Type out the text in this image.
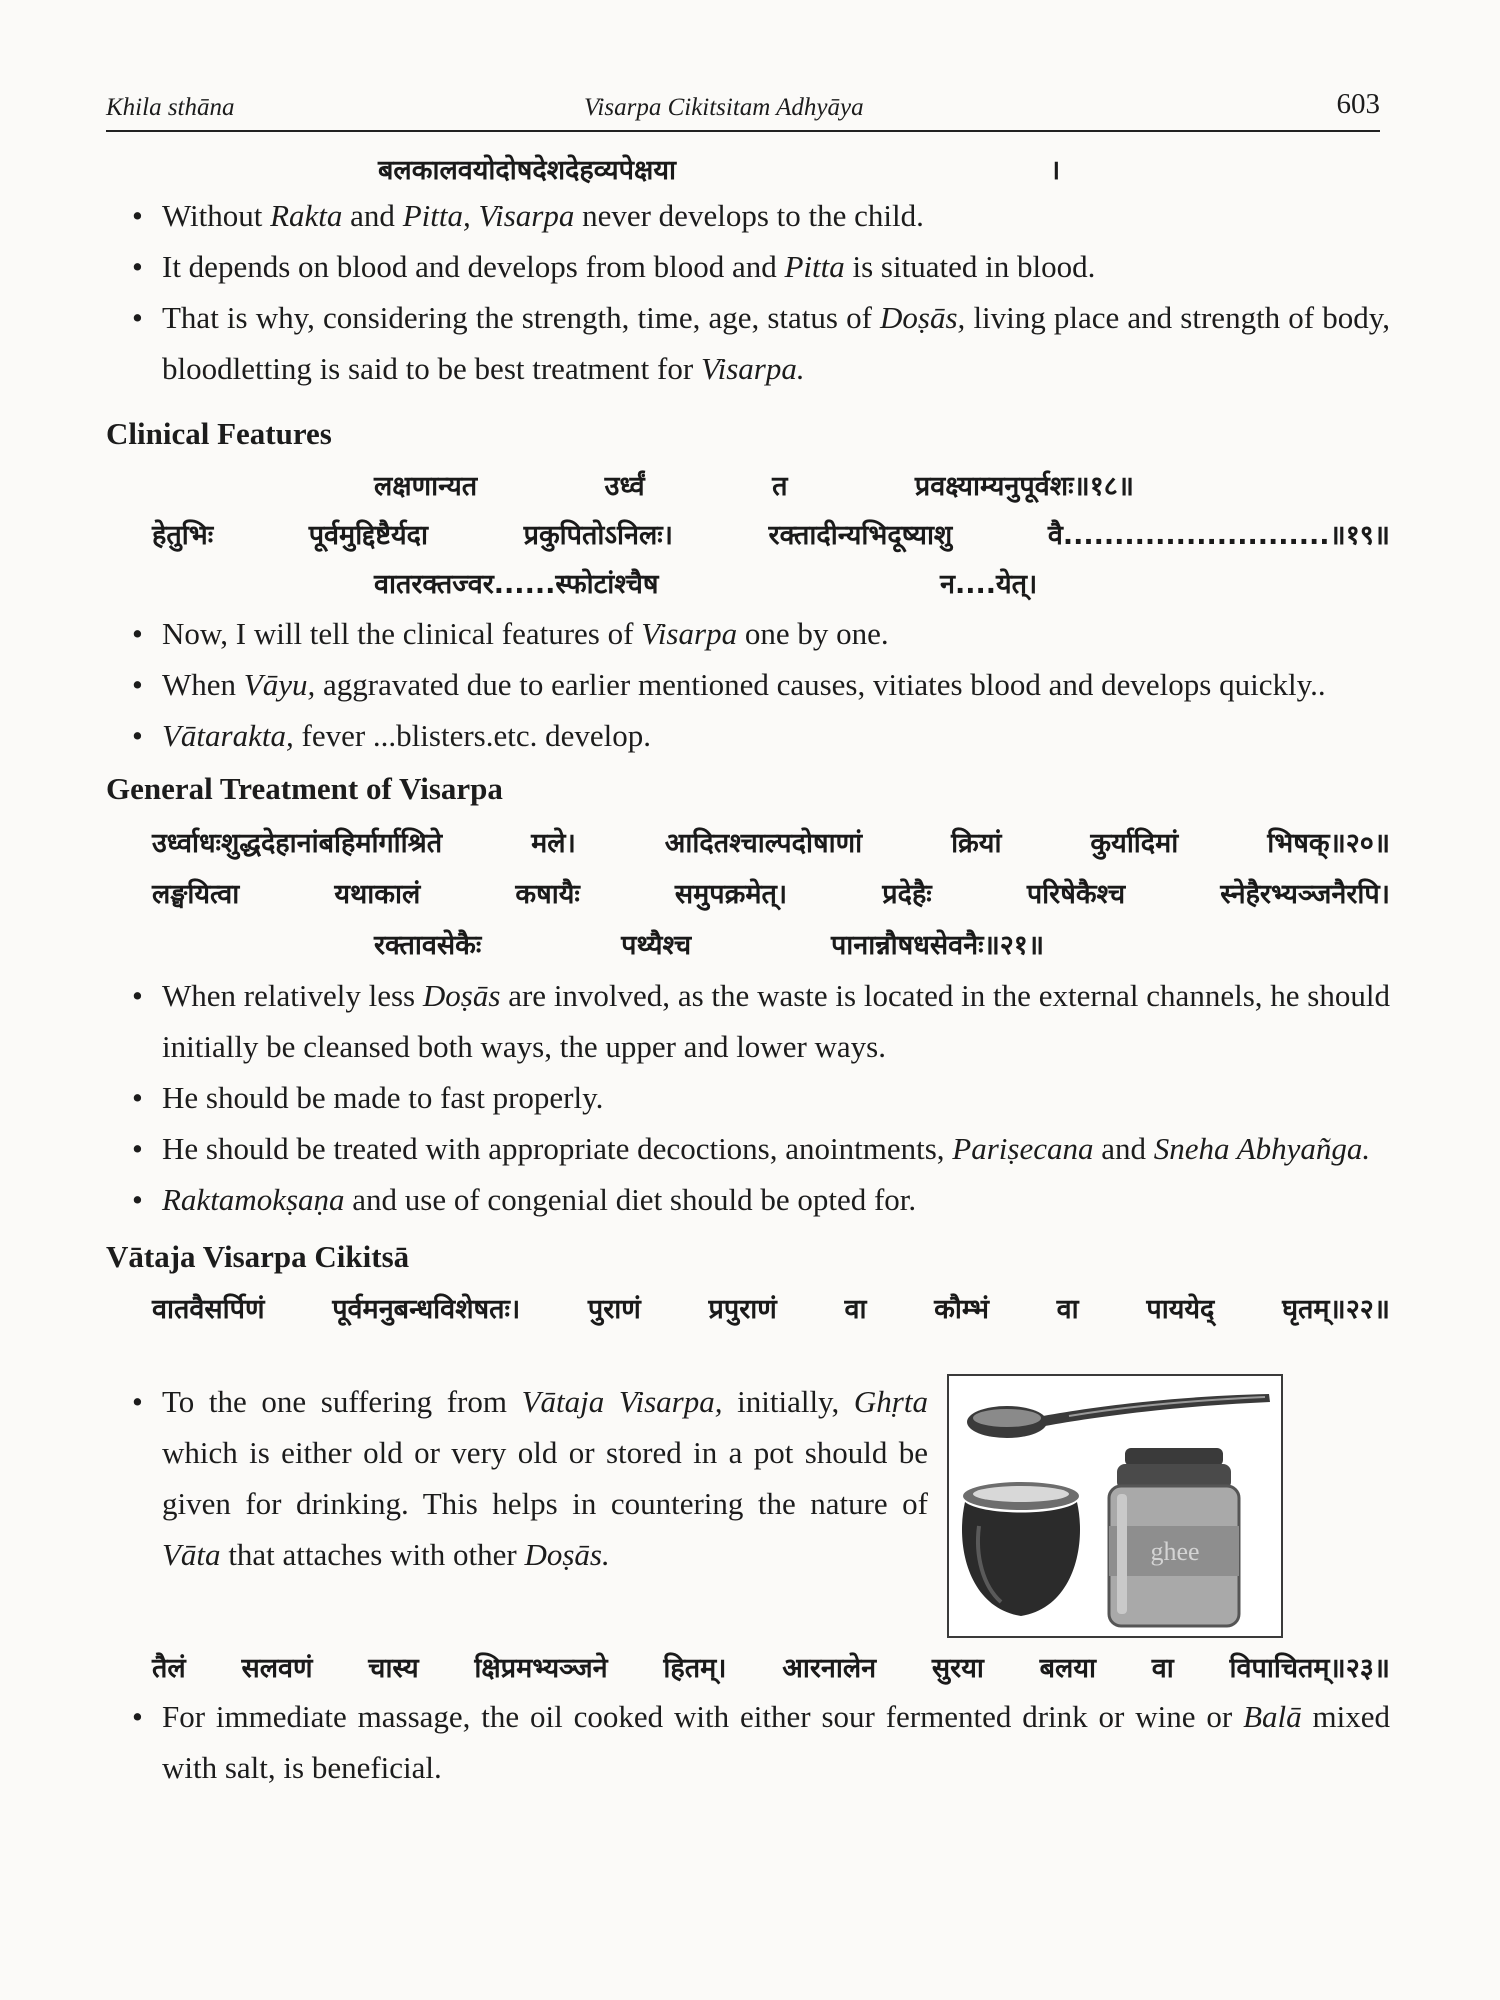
Khila sthāna	Visarpa Cikitsitam Adhyāya	603
बलकालवयोदोषदेशदेहव्यपेक्षया	।
• Without Rakta and Pitta, Visarpa never develops to the child.
• It depends on blood and develops from blood and Pitta is situated in blood.
• That is why, considering the strength, time, age, status of Doṣās, living place and strength of body, bloodletting is said to be best treatment for Visarpa.
Clinical Features
लक्षणान्यत	उर्ध्वं	त	प्रवक्ष्याम्यनुपूर्वशः॥१८॥
हेतुभिः	पूर्वमुद्दिष्टैर्यदा	प्रकुपितोऽनिलः।	रक्तादीन्यभिदूष्याशु	वै..........................॥१९॥
वातरक्तज्वर......स्फोटांश्चैष	न....येत्।
• Now, I will tell the clinical features of Visarpa one by one.
• When Vāyu, aggravated due to earlier mentioned causes, vitiates blood and develops quickly..
• Vātarakta, fever ...blisters.etc. develop.
General Treatment of Visarpa
उर्ध्वाधःशुद्धदेहानांबहिर्मार्गाश्रिते	मले।	आदितश्चाल्पदोषाणां	क्रियां	कुर्यादिमां	भिषक्॥२०॥
लङ्घयित्वा	यथाकालं	कषायैः	समुपक्रमेत्।	प्रदेहैः	परिषेकैश्च	स्नेहैरभ्यञ्जनैरपि।
रक्तावसेकैः	पथ्यैश्च	पानान्नौषधसेवनैः॥२१॥
• When relatively less Doṣās are involved, as the waste is located in the external channels, he should initially be cleansed both ways, the upper and lower ways.
• He should be made to fast properly.
• He should be treated with appropriate decoctions, anointments, Pariṣecana and Sneha Abhyañga.
• Raktamokṣaṇa and use of congenial diet should be opted for.
Vātaja Visarpa Cikitsā
वातवैसर्पिणं	पूर्वमनुबन्धविशेषतः।	पुराणं	प्रपुराणं	वा	कौम्भं	वा	पाययेद्	घृतम्॥२२॥
• To the one suffering from Vātaja Visarpa, initially, Ghṛta which is either old or very old or stored in a pot should be given for drinking. This helps in countering the nature of Vāta that attaches with other Doṣās.	ghee
तैलं सलवणं चास्य क्षिप्रमभ्यञ्जने हितम्। आरनालेन सुरया बलया वा विपाचितम्॥२३॥
• For immediate massage, the oil cooked with either sour fermented drink or wine or Balā mixed with salt, is beneficial.
